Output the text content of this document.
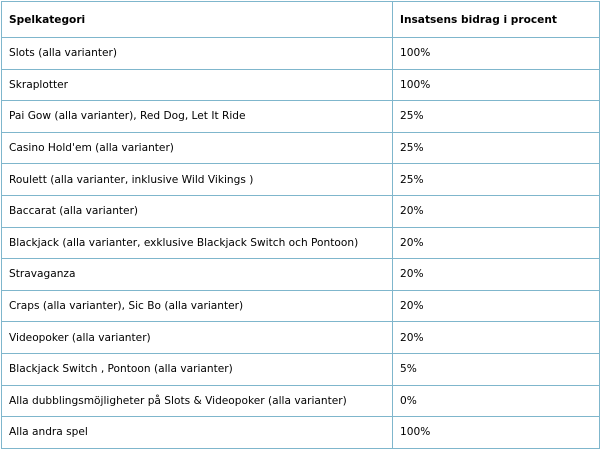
Spelkategori	Insatsens bidrag i procent
Slots (alla varianter)	100%
Skraplotter	100%
Pai Gow (alla varianter), Red Dog, Let It Ride	25%
Casino Hold'em (alla varianter)	25%
Roulett (alla varianter, inklusive Wild Vikings )	25%
Baccarat (alla varianter)	20%
Blackjack (alla varianter, exklusive Blackjack Switch och Pontoon)	20%
Stravaganza	20%
Craps (alla varianter), Sic Bo (alla varianter)	20%
Videopoker (alla varianter)	20%
Blackjack Switch , Pontoon (alla varianter)	5%
Alla dubblingsmöjligheter på Slots & Videopoker (alla varianter)	0%
Alla andra spel	100%
